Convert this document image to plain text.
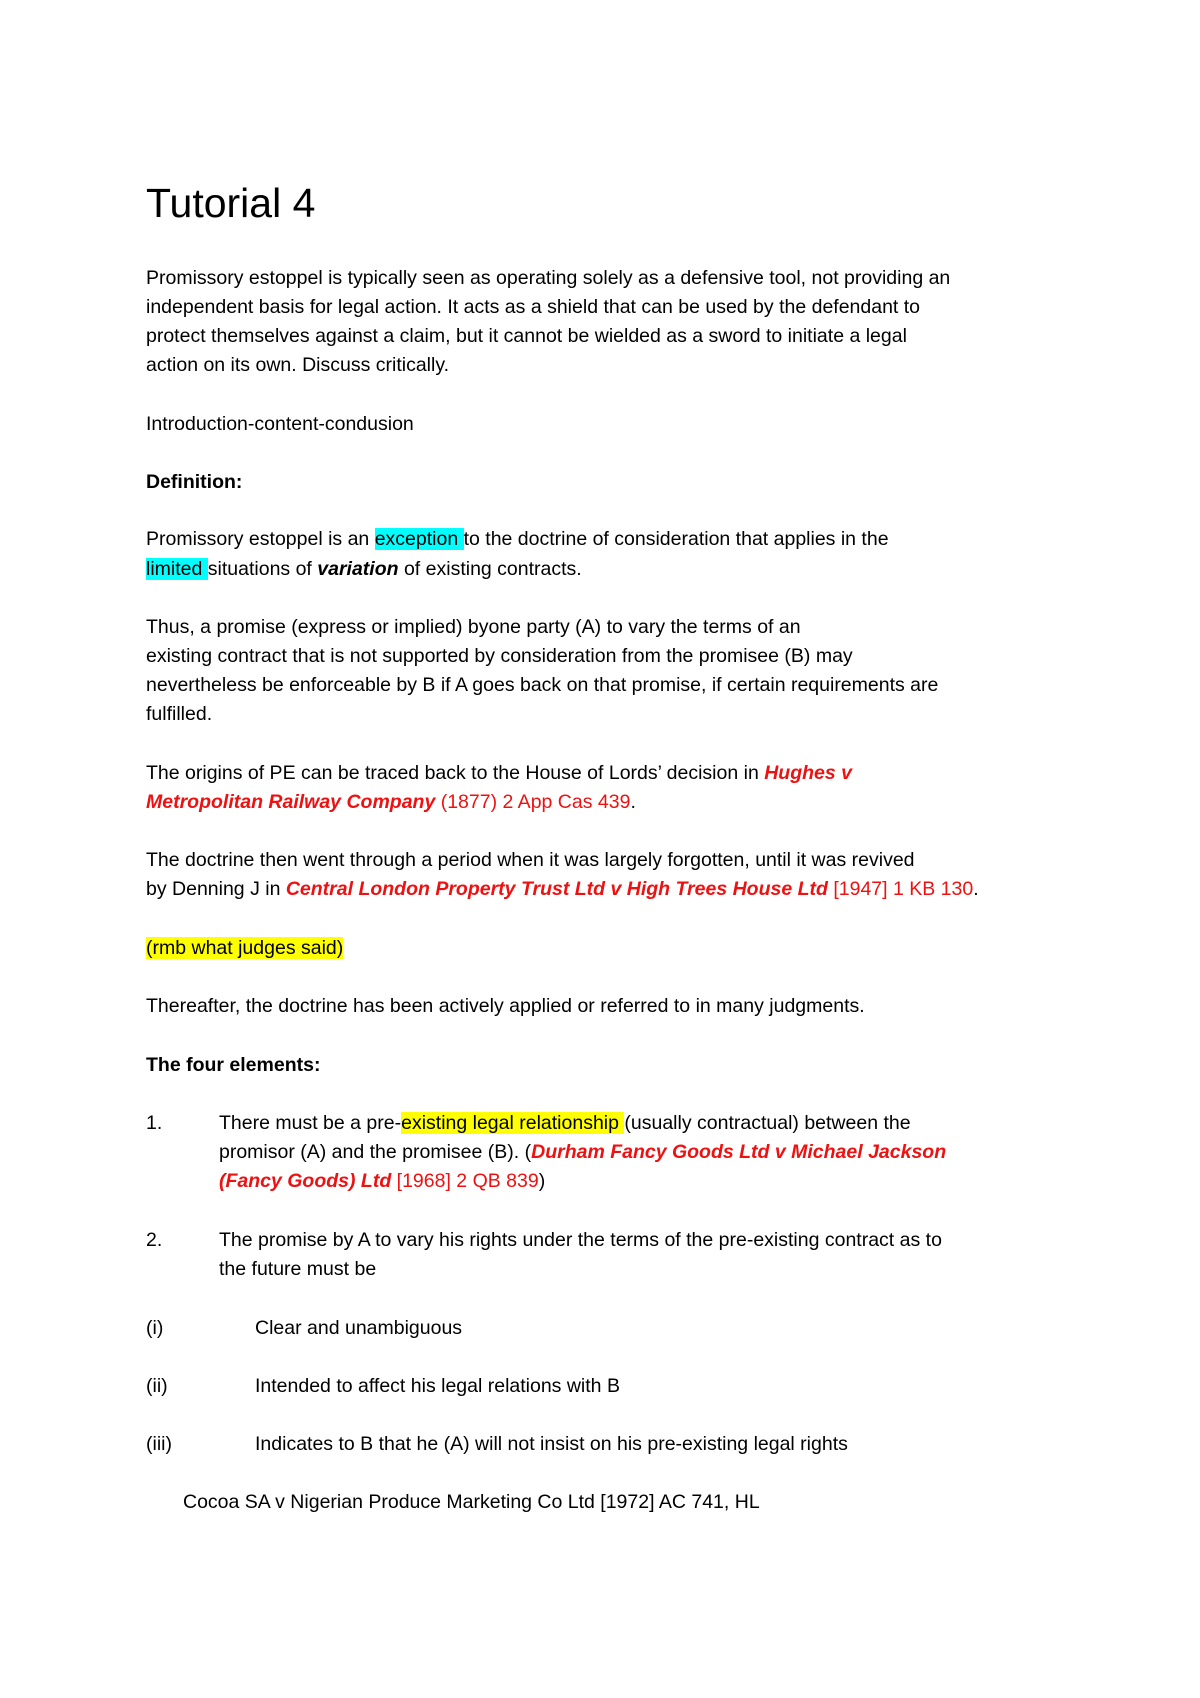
Tutorial 4

Promissory estoppel is typically seen as operating solely as a defensive tool, not providing an

independent basis for legal action. It acts as a shield that can be used by the defendant to

protect themselves against a claim, but it cannot be wielded as a sword to initiate a legal

action on its own. Discuss critically.

Introduction-content-condusion

Definition:

Promissory estoppel is an exception to the doctrine of consideration that applies in the

limited situations of variation of existing contracts.

Thus, a promise (express or implied) byone party (A) to vary the terms of an

existing contract that is not supported by consideration from the promisee (B) may

nevertheless be enforceable by B if A goes back on that promise, if certain requirements are

fulfilled.

The origins of PE can be traced back to the House of Lords’ decision in Hughes v

Metropolitan Railway Company (1877) 2 App Cas 439.

The doctrine then went through a period when it was largely forgotten, until it was revived

by Denning J in Central London Property Trust Ltd v High Trees House Ltd [1947] 1 KB 130.

(rmb what judges said)

Thereafter, the doctrine has been actively applied or referred to in many judgments.

The four elements:

1.	There must be a pre-existing legal relationship (usually contractual) between the

promisor (A) and the promisee (B). (Durham Fancy Goods Ltd v Michael Jackson

(Fancy Goods) Ltd [1968] 2 QB 839)

2.	The promise by A to vary his rights under the terms of the pre-existing contract as to

the future must be

(i)	Clear and unambiguous
(ii)	Intended to affect his legal relations with B
(iii)	Indicates to B that he (A) will not insist on his pre-existing legal rights

Cocoa SA v Nigerian Produce Marketing Co Ltd [1972] AC 741, HL
